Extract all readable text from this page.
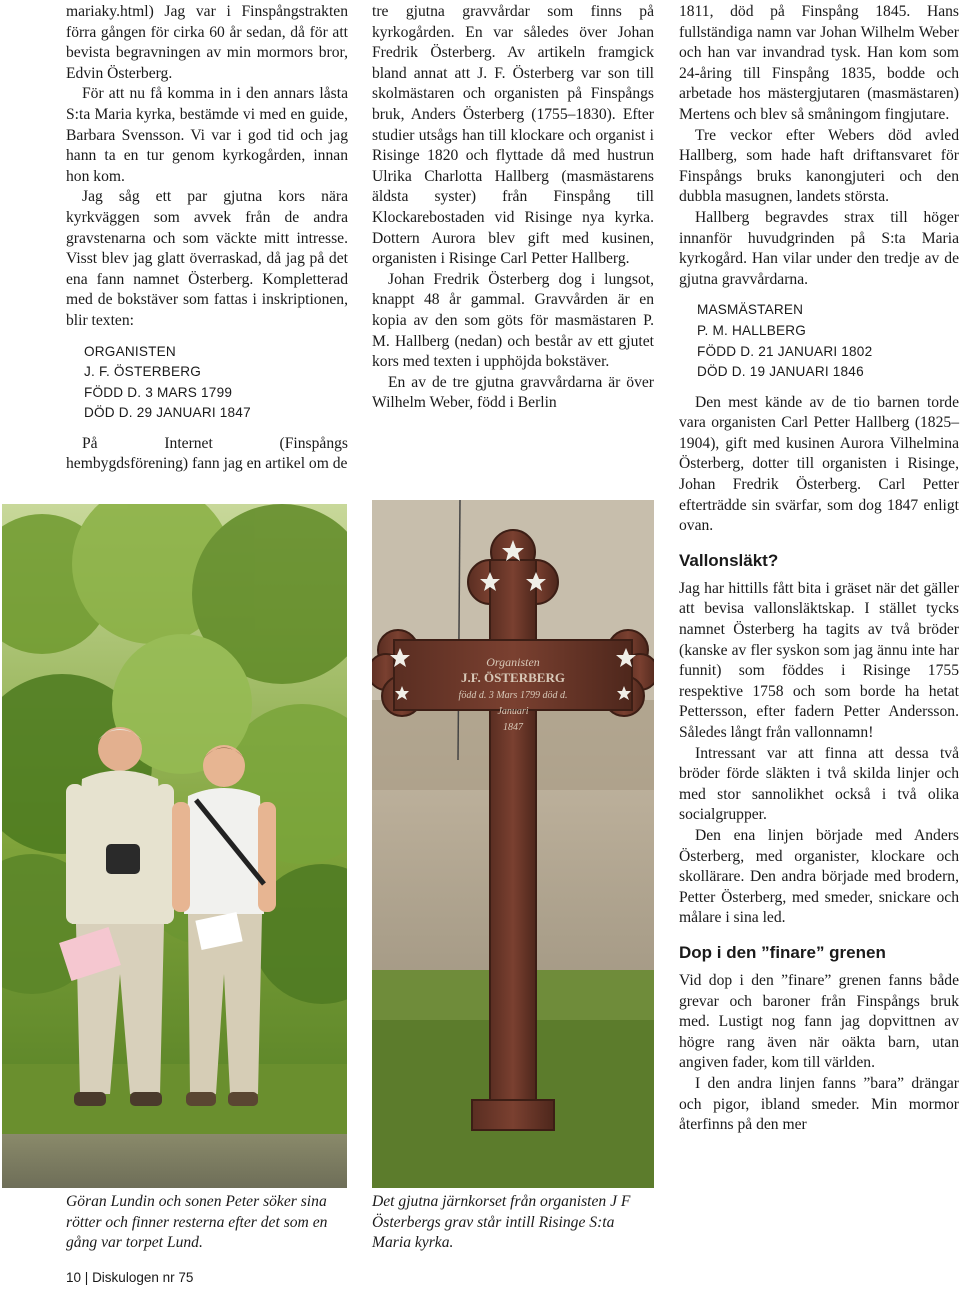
mariaky.html) Jag var i Finspångstrakten förra gången för cirka 60 år sedan, då för att bevista begravningen av min mormors bror, Edvin Österberg.

För att nu få komma in i den annars låsta S:ta Maria kyrka, bestämde vi med en guide, Barbara Svensson. Vi var i god tid och jag hann ta en tur genom kyrkogården, innan hon kom.

Jag såg ett par gjutna kors nära kyrkväggen som avvek från de andra gravstenarna och som väckte mitt intresse. Visst blev jag glatt överraskad, då jag på det ena fann namnet Österberg. Kompletterad med de bokstäver som fattas i inskriptionen, blir texten:

ORGANISTEN
J. F. ÖSTERBERG
FÖDD D. 3 MARS 1799
DÖD D. 29 JANUARI 1847

På Internet (Finspångs hembygdsförening) fann jag en artikel om de

tre gjutna gravvårdar som finns på kyrkogården. En var således över Johan Fredrik Österberg. Av artikeln framgick bland annat att J. F. Österberg var son till skolmästaren och organisten på Finspångs bruk, Anders Österberg (1755–1830). Efter studier utsågs han till klockare och organist i Risinge 1820 och flyttade då med hustrun Ulrika Charlotta Hallberg (masmästarens äldsta syster) från Finspång till Klockarebostaden vid Risinge nya kyrka. Dottern Aurora blev gift med kusinen, organisten i Risinge Carl Petter Hallberg.

Johan Fredrik Österberg dog i lungsot, knappt 48 år gammal. Gravvården är en kopia av den som göts för masmästaren P. M. Hallberg (nedan) och består av ett gjutet kors med texten i upphöjda bokstäver.

En av de tre gjutna gravvårdarna är över Wilhelm Weber, född i Berlin

1811, död på Finspång 1845. Hans fullständiga namn var Johan Wilhelm Weber och han var invandrad tysk. Han kom som 24-åring till Finspång 1835, bodde och arbetade hos mästergjutaren (masmästaren) Mertens och blev så småningom fingjutare.

Tre veckor efter Webers död avled Hallberg, som hade haft driftansvaret för Finspångs bruks kanongjuteri och den dubbla masugnen, landets största.

Hallberg begravdes strax till höger innanför huvudgrinden på S:ta Maria kyrkogård. Han vilar under den tredje av de gjutna gravvårdarna.

MASMÄSTAREN
P. M. HALLBERG
FÖDD D. 21 JANUARI 1802
DÖD D. 19 JANUARI 1846

Den mest kände av de tio barnen torde vara organisten Carl Petter Hallberg (1825–1904), gift med kusinen Aurora Vilhelmina Österberg, dotter till organisten i Risinge, Johan Fredrik Österberg. Carl Petter efterträdde sin svärfar, som dog 1847 enligt ovan.

Vallonsläkt?

Jag har hittills fått bita i gräset när det gäller att bevisa vallonsläktskap. I stället tycks namnet Österberg ha tagits av två bröder (kanske av fler syskon som jag ännu inte har funnit) som föddes i Risinge 1755 respektive 1758 och som borde ha hetat Pettersson, efter fadern Petter Andersson. Således långt från vallonnamn!

Intressant var att finna att dessa två bröder förde släkten i två skilda linjer och med stor sannolikhet också i två olika socialgrupper.

Den ena linjen började med Anders Österberg, med organister, klockare och skollärare. Den andra började med brodern, Petter Österberg, med smeder, snickare och målare i sina led.

Dop i den ”finare” grenen

Vid dop i den ”finare” grenen fanns både grevar och baroner från Finspångs bruk med. Lustigt nog fann jag dopvittnen av högre rang även när oäkta barn, utan angiven fader, kom till världen.

I den andra linjen fanns ”bara” drängar och pigor, ibland smeder. Min mormor återfinns på den mer

Göran Lundin och sonen Peter söker sina rötter och finner resterna efter det som en gång var torpet Lund.
Organisten
J.F. ÖSTERBERG
född d. 3 Mars 1799 död d.
Januari
1847
Det gjutna järnkorset från organisten J F Österbergs grav står intill Risinge S:ta Maria kyrka.
10 | Diskulogen nr 75
